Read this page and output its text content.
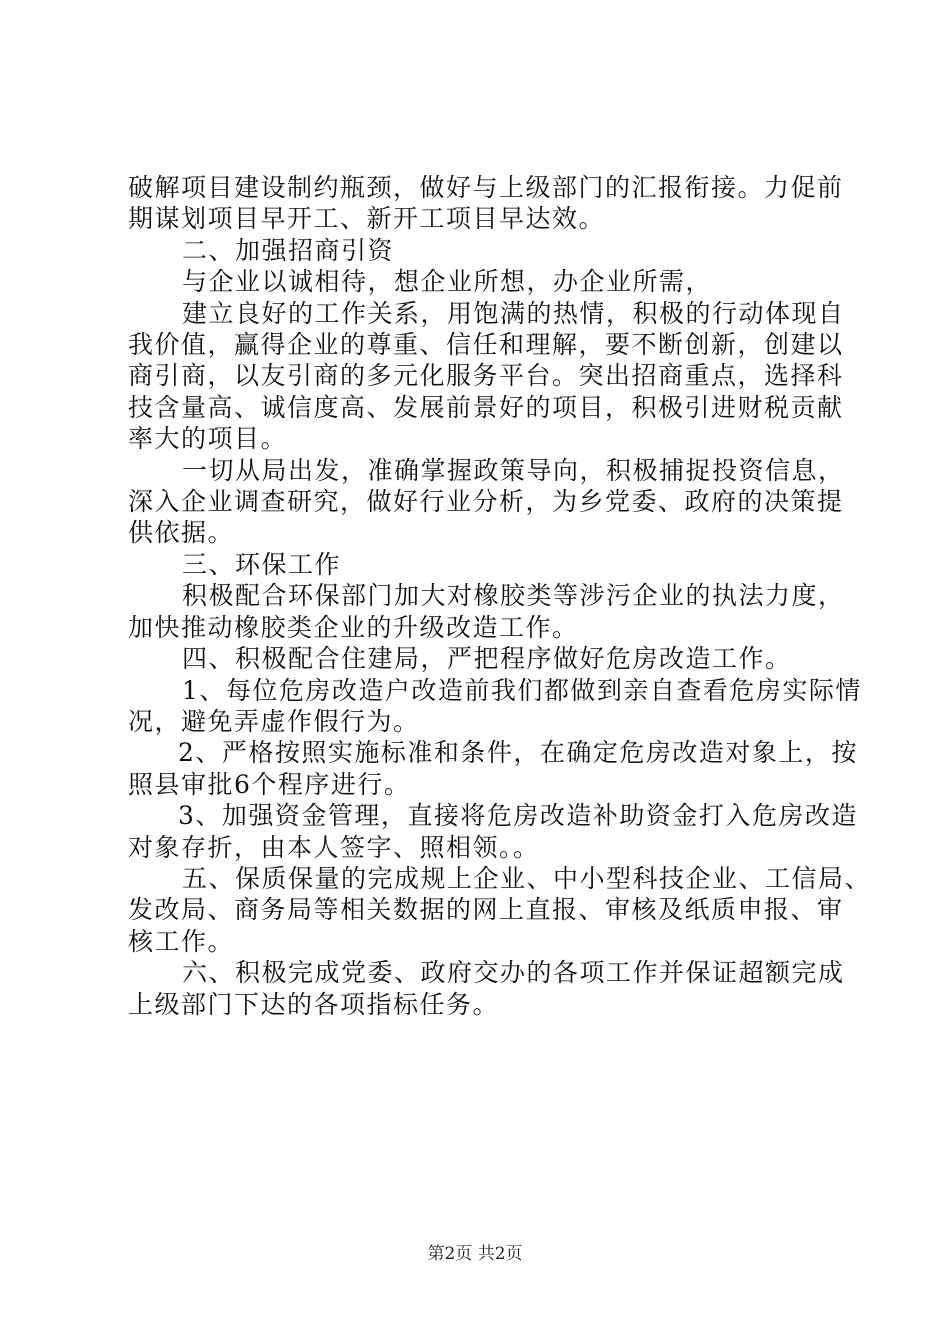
破解项目建设制约瓶颈，做好与上级部门的汇报衔接。力促前
期谋划项目早开工、新开工项目早达效。
二、加强招商引资
与企业以诚相待，想企业所想，办企业所需，
建立良好的工作关系，用饱满的热情，积极的行动体现自
我价值，赢得企业的尊重、信任和理解，要不断创新，创建以
商引商，以友引商的多元化服务平台。突出招商重点，选择科
技含量高、诚信度高、发展前景好的项目，积极引进财税贡献
率大的项目。
一切从局出发，准确掌握政策导向，积极捕捉投资信息，
深入企业调查研究，做好行业分析，为乡党委、政府的决策提
供依据。
三、环保工作
积极配合环保部门加大对橡胶类等涉污企业的执法力度，
加快推动橡胶类企业的升级改造工作。
四、积极配合住建局，严把程序做好危房改造工作。
1、每位危房改造户改造前我们都做到亲自查看危房实际情
况，避免弄虚作假行为。
2、严格按照实施标准和条件，在确定危房改造对象上，按
照县审批6个程序进行。
3、加强资金管理，直接将危房改造补助资金打入危房改造
对象存折，由本人签字、照相领。。
五、保质保量的完成规上企业、中小型科技企业、工信局、
发改局、商务局等相关数据的网上直报、审核及纸质申报、审
核工作。
六、积极完成党委、政府交办的各项工作并保证超额完成
上级部门下达的各项指标任务。
第2页 共2页
